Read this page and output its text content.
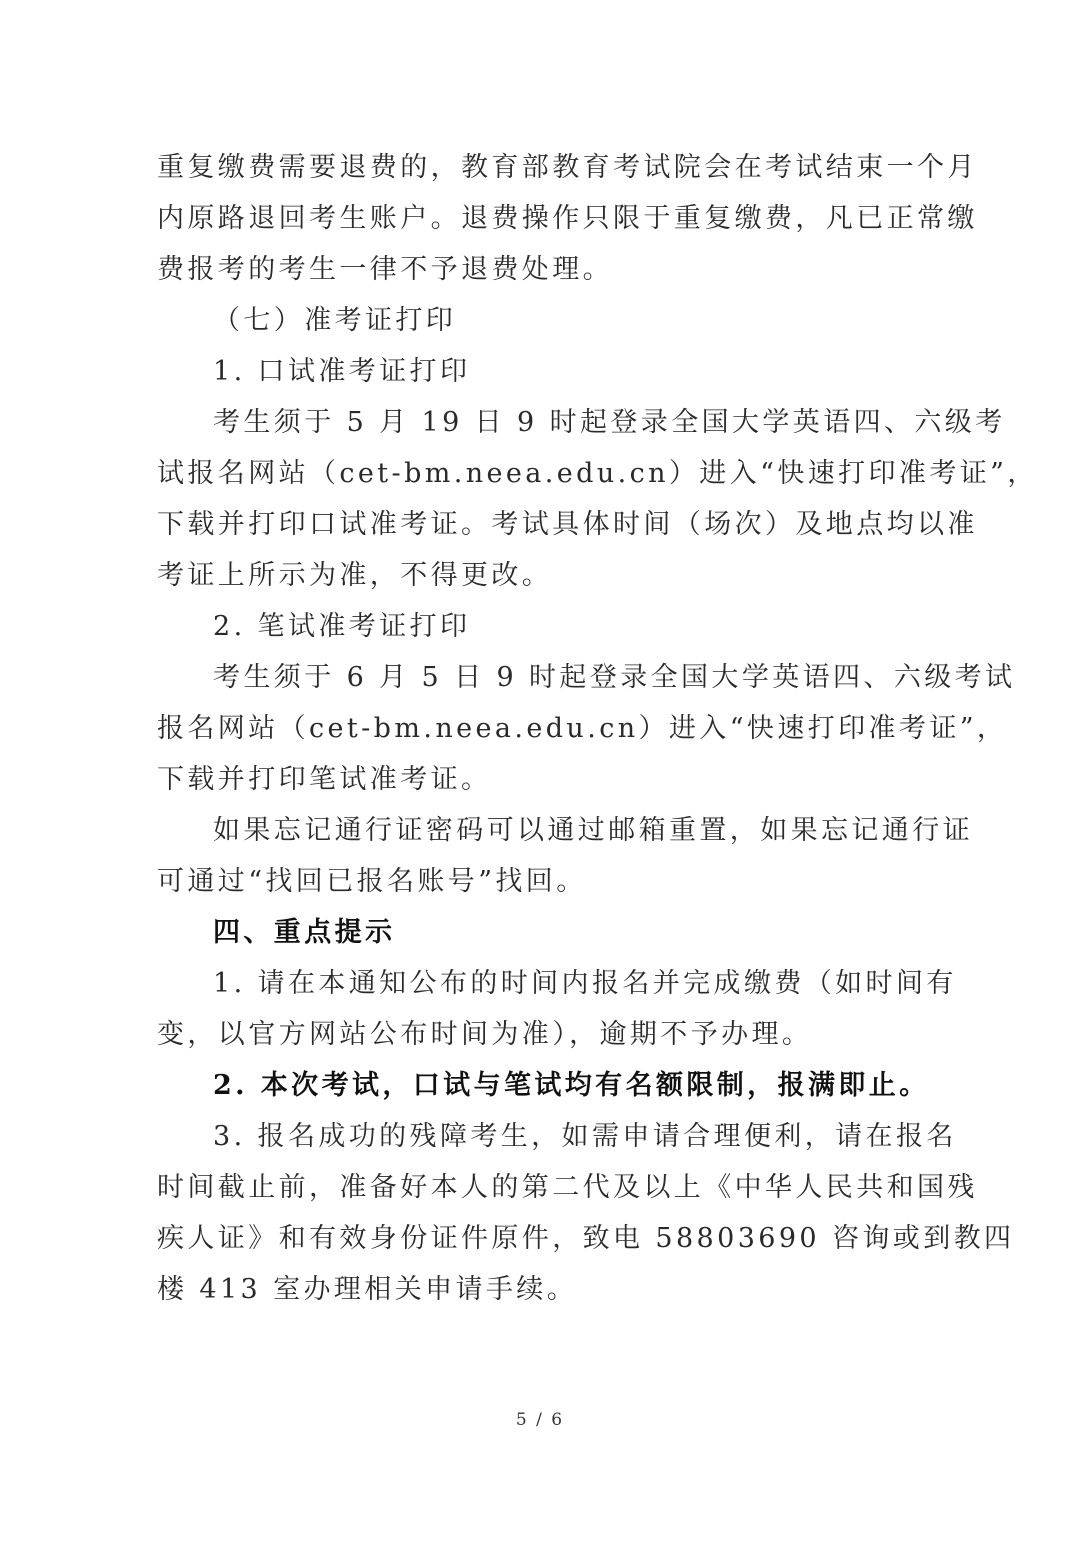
重复缴费需要退费的，教育部教育考试院会在考试结束一个月
内原路退回考生账户。退费操作只限于重复缴费，凡已正常缴
费报考的考生一律不予退费处理。
（七）准考证打印
1. 口试准考证打印
考生须于 5 月 19 日 9 时起登录全国大学英语四、六级考
试报名网站（cet-bm.neea.edu.cn）进入“快速打印准考证”，
下载并打印口试准考证。考试具体时间（场次）及地点均以准
考证上所示为准，不得更改。
2. 笔试准考证打印
考生须于 6 月 5 日 9 时起登录全国大学英语四、六级考试
报名网站（cet-bm.neea.edu.cn）进入“快速打印准考证”，
下载并打印笔试准考证。
如果忘记通行证密码可以通过邮箱重置，如果忘记通行证
可通过“找回已报名账号”找回。
四、重点提示
1. 请在本通知公布的时间内报名并完成缴费（如时间有
变，以官方网站公布时间为准），逾期不予办理。
2. 本次考试，口试与笔试均有名额限制，报满即止。
3. 报名成功的残障考生，如需申请合理便利，请在报名
时间截止前，准备好本人的第二代及以上《中华人民共和国残
疾人证》和有效身份证件原件，致电 58803690 咨询或到教四
楼 413 室办理相关申请手续。
5 / 6
